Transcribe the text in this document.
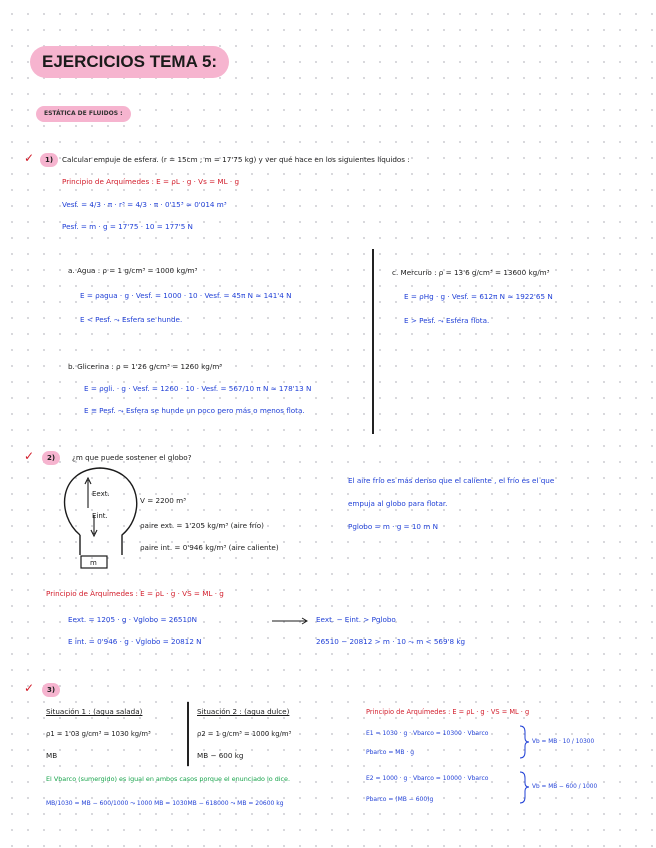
EJERCICIOS TEMA 5:
ESTÁTICA DE FLUIDOS :
✓	1)	Calcular empuje de esfera. (r = 15cm ; m = 17'75 kg) y ver qué hace en los siguientes líquidos :
Principio de Arquímedes : E = ρL · g · Vs = ML · g
Vesf. = 4/3 · π · r³ = 4/3 · π · 0'15³ ≈ 0'014 m³
Pesf. = m · g = 17'75 · 10 = 177'5 N
a. Agua : ρ = 1 g/cm³ = 1000 kg/m³
E = ρagua · g · Vesf. = 1000 · 10 · Vesf. = 45π N ≈ 141'4 N
E < Pesf. ⤳ Esfera se hunde.
b. Glicerina : ρ = 1'26 g/cm³ = 1260 kg/m³
E = ρgli. · g · Vesf. = 1260 · 10 · Vesf. = 567/10 π N ≈ 178'13 N
E ≅ Pesf. ⤳ Esfera se hunde un poco pero más o menos flota.
c. Mercurio : ρ = 13'6 g/cm³ = 13600 kg/m³
E = ρHg · g · Vesf. = 612π N ≈ 1922'65 N
E > Pesf. ⤳ Esfera flota.
✓	2)	¿m que puede sostener el globo?
Eext.
Eint.
m
V = 2200 m³
ρaire ext. = 1'205 kg/m³ (aire frío)
ρaire int. = 0'946 kg/m³ (aire caliente)
El aire frío es más denso que el caliente , el frío es el que
empuja al globo para flotar.
Pglobo = m · g = 10 m N
Principio de Arquímedes : E = ρL · g · VS = ML · g
Eext. = 1205 · g · Vglobo = 26510N
E int. = 0'946 · g · Vglobo = 20812 N
Eext. − Eint. > Pglobo
26510 − 20812 > m · 10 ⤳ m < 569'8 kg
✓	3)
Situación 1 : (agua salada)
ρ1 = 1'03 g/cm³ = 1030 kg/m³
MB
Situación 2 : (agua dulce)
ρ2 = 1 g/cm³ = 1000 kg/m³
MB − 600 kg
Principio de Arquímedes : E = ρL · g · VS = ML · g
E1 = 1030 · g · Vbarco = 10300 · Vbarco
Pbarco = MB · g
Vb = MB · 10 / 10300
E2 = 1000 · g · Vbarco = 10000 · Vbarco
Pbarco = (MB − 600)g
Vb = MB − 600 / 1000
El Vbarco (sumergido) es igual en ambos casos porque el enunciado lo dice.
MB/1030 = MB − 600/1000 ⤳ 1000 MB = 1030MB − 618000 ⤳ MB = 20600 kg
